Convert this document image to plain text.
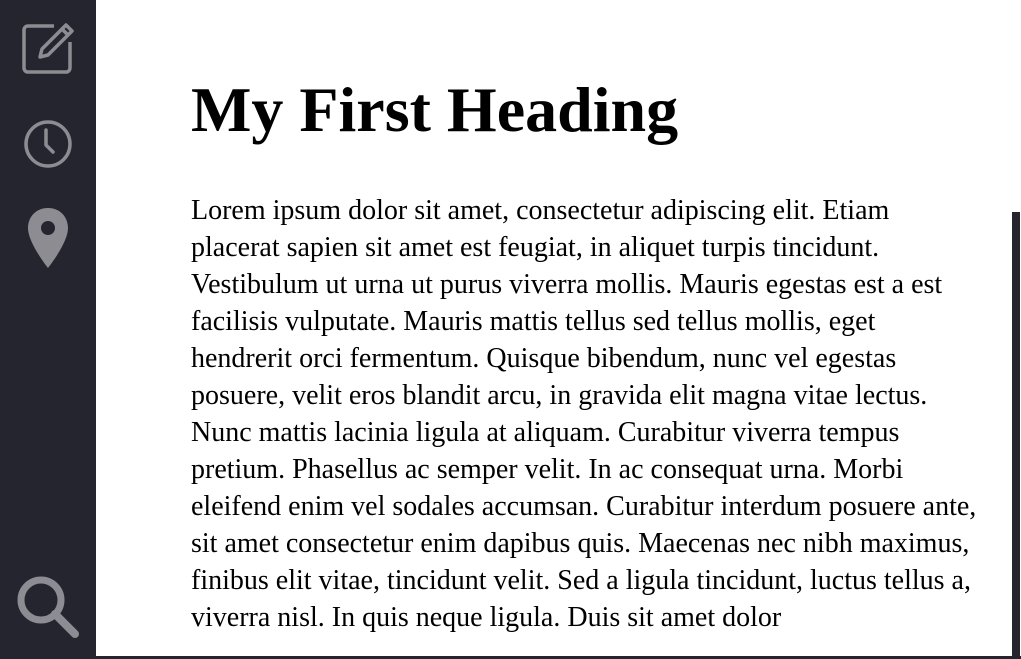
My First Heading

Lorem ipsum dolor sit amet, consectetur adipiscing elit. Etiam placerat sapien sit amet est feugiat, in aliquet turpis tincidunt. Vestibulum ut urna ut purus viverra mollis. Mauris egestas est a est facilisis vulputate. Mauris mattis tellus sed tellus mollis, eget hendrerit orci fermentum. Quisque bibendum, nunc vel egestas posuere, velit eros blandit arcu, in gravida elit magna vitae lectus. Nunc mattis lacinia ligula at aliquam. Curabitur viverra tempus pretium. Phasellus ac semper velit. In ac consequat urna. Morbi eleifend enim vel sodales accumsan. Curabitur interdum posuere ante, sit amet consectetur enim dapibus quis. Maecenas nec nibh maximus, finibus elit vitae, tincidunt velit. Sed a ligula tincidunt, luctus tellus a, viverra nisl. In quis neque ligula. Duis sit amet dolor
